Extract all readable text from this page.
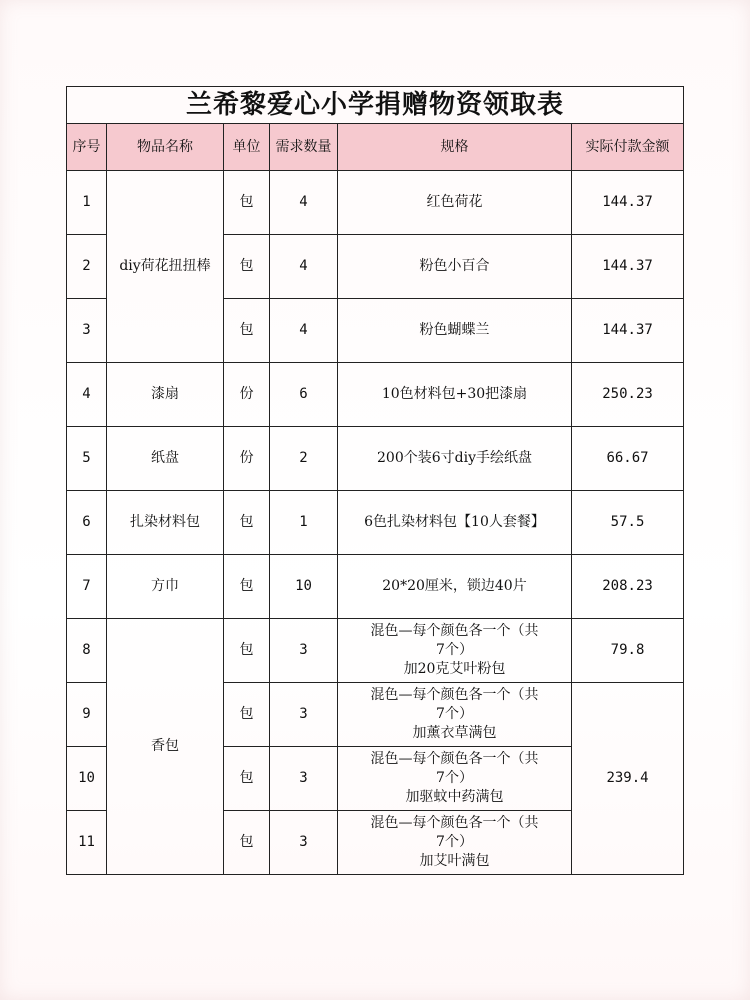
兰希黎爱心小学捐赠物资领取表					
序号	物品名称	单位	需求数量	规格	实际付款金额
1	diy荷花扭扭棒	包	4	红色荷花	144.37
2		包	4	粉色小百合	144.37
3		包	4	粉色蝴蝶兰	144.37
4	漆扇	份	6	10色材料包+30把漆扇	250.23
5	纸盘	份	2	200个装6寸diy手绘纸盘	66.67
6	扎染材料包	包	1	6色扎染材料包【10人套餐】	57.5
7	方巾	包	10	20*20厘米，锁边40片	208.23
8	香包	包	3	混色—每个颜色各一个（共
7个）
加20克艾叶粉包	79.8
9		包	3	混色—每个颜色各一个（共
7个）
加薰衣草满包	239.4
10		包	3	混色—每个颜色各一个（共
7个）
加驱蚊中药满包	

11		包	3	混色—每个颜色各一个（共
7个）
加艾叶满包	
